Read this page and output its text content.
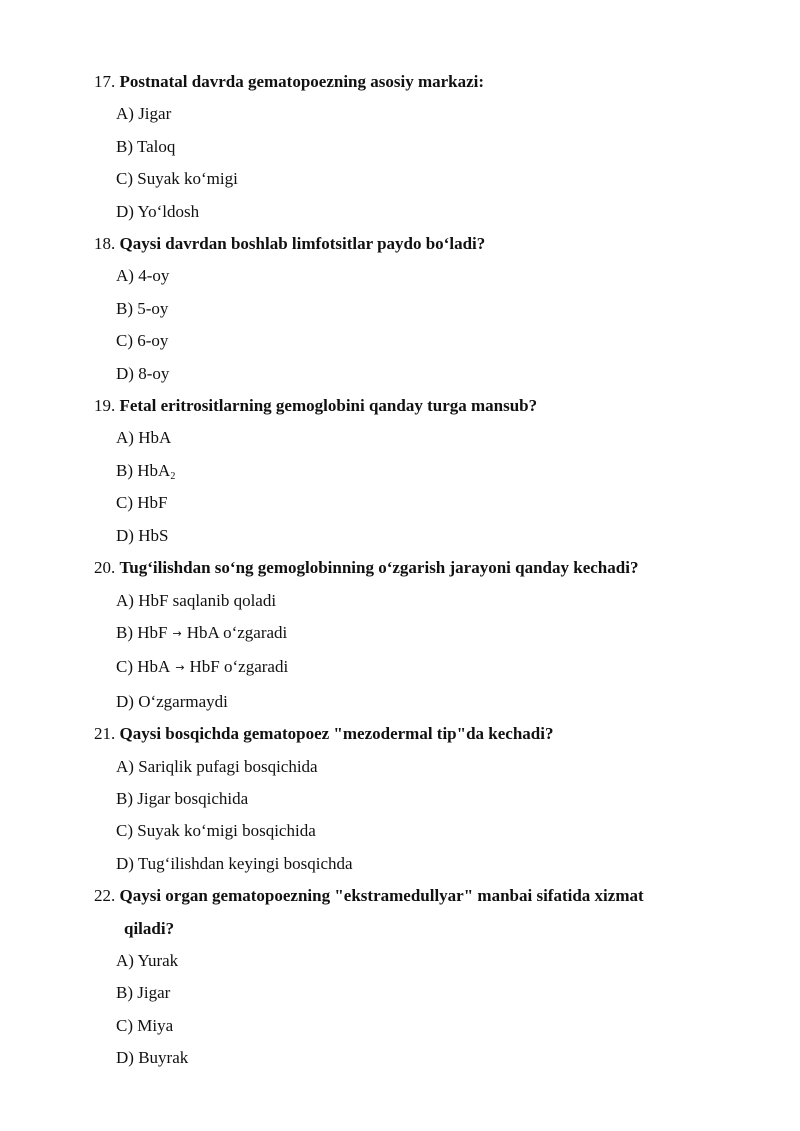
17. Postnatal davrda gematopoezning asosiy markazi:
A) Jigar
B) Taloq
C) Suyak ko‘migi
D) Yo‘ldosh
18. Qaysi davrdan boshlab limfotsitlar paydo bo‘ladi?
A) 4-oy
B) 5-oy
C) 6-oy
D) 8-oy
19. Fetal eritrositlarning gemoglobini qanday turga mansub?
A) HbA
B) HbA$_2$
C) HbF
D) HbS
20. Tug‘ilishdan so‘ng gemoglobinning o‘zgarish jarayoni qanday kechadi?
A) HbF saqlanib qoladi
B) HbF → HbA o‘zgaradi
C) HbA → HbF o‘zgaradi
D) O‘zgarmaydi
21. Qaysi bosqichda gematopoez "mezodermal tip"da kechadi?
A) Sariqlik pufagi bosqichida
B) Jigar bosqichida
C) Suyak ko‘migi bosqichida
D) Tug‘ilishdan keyingi bosqichda
22. Qaysi organ gematopoezning "ekstramedullyar" manbai sifatida xizmat
qiladi?
A) Yurak
B) Jigar
C) Miya
D) Buyrak
